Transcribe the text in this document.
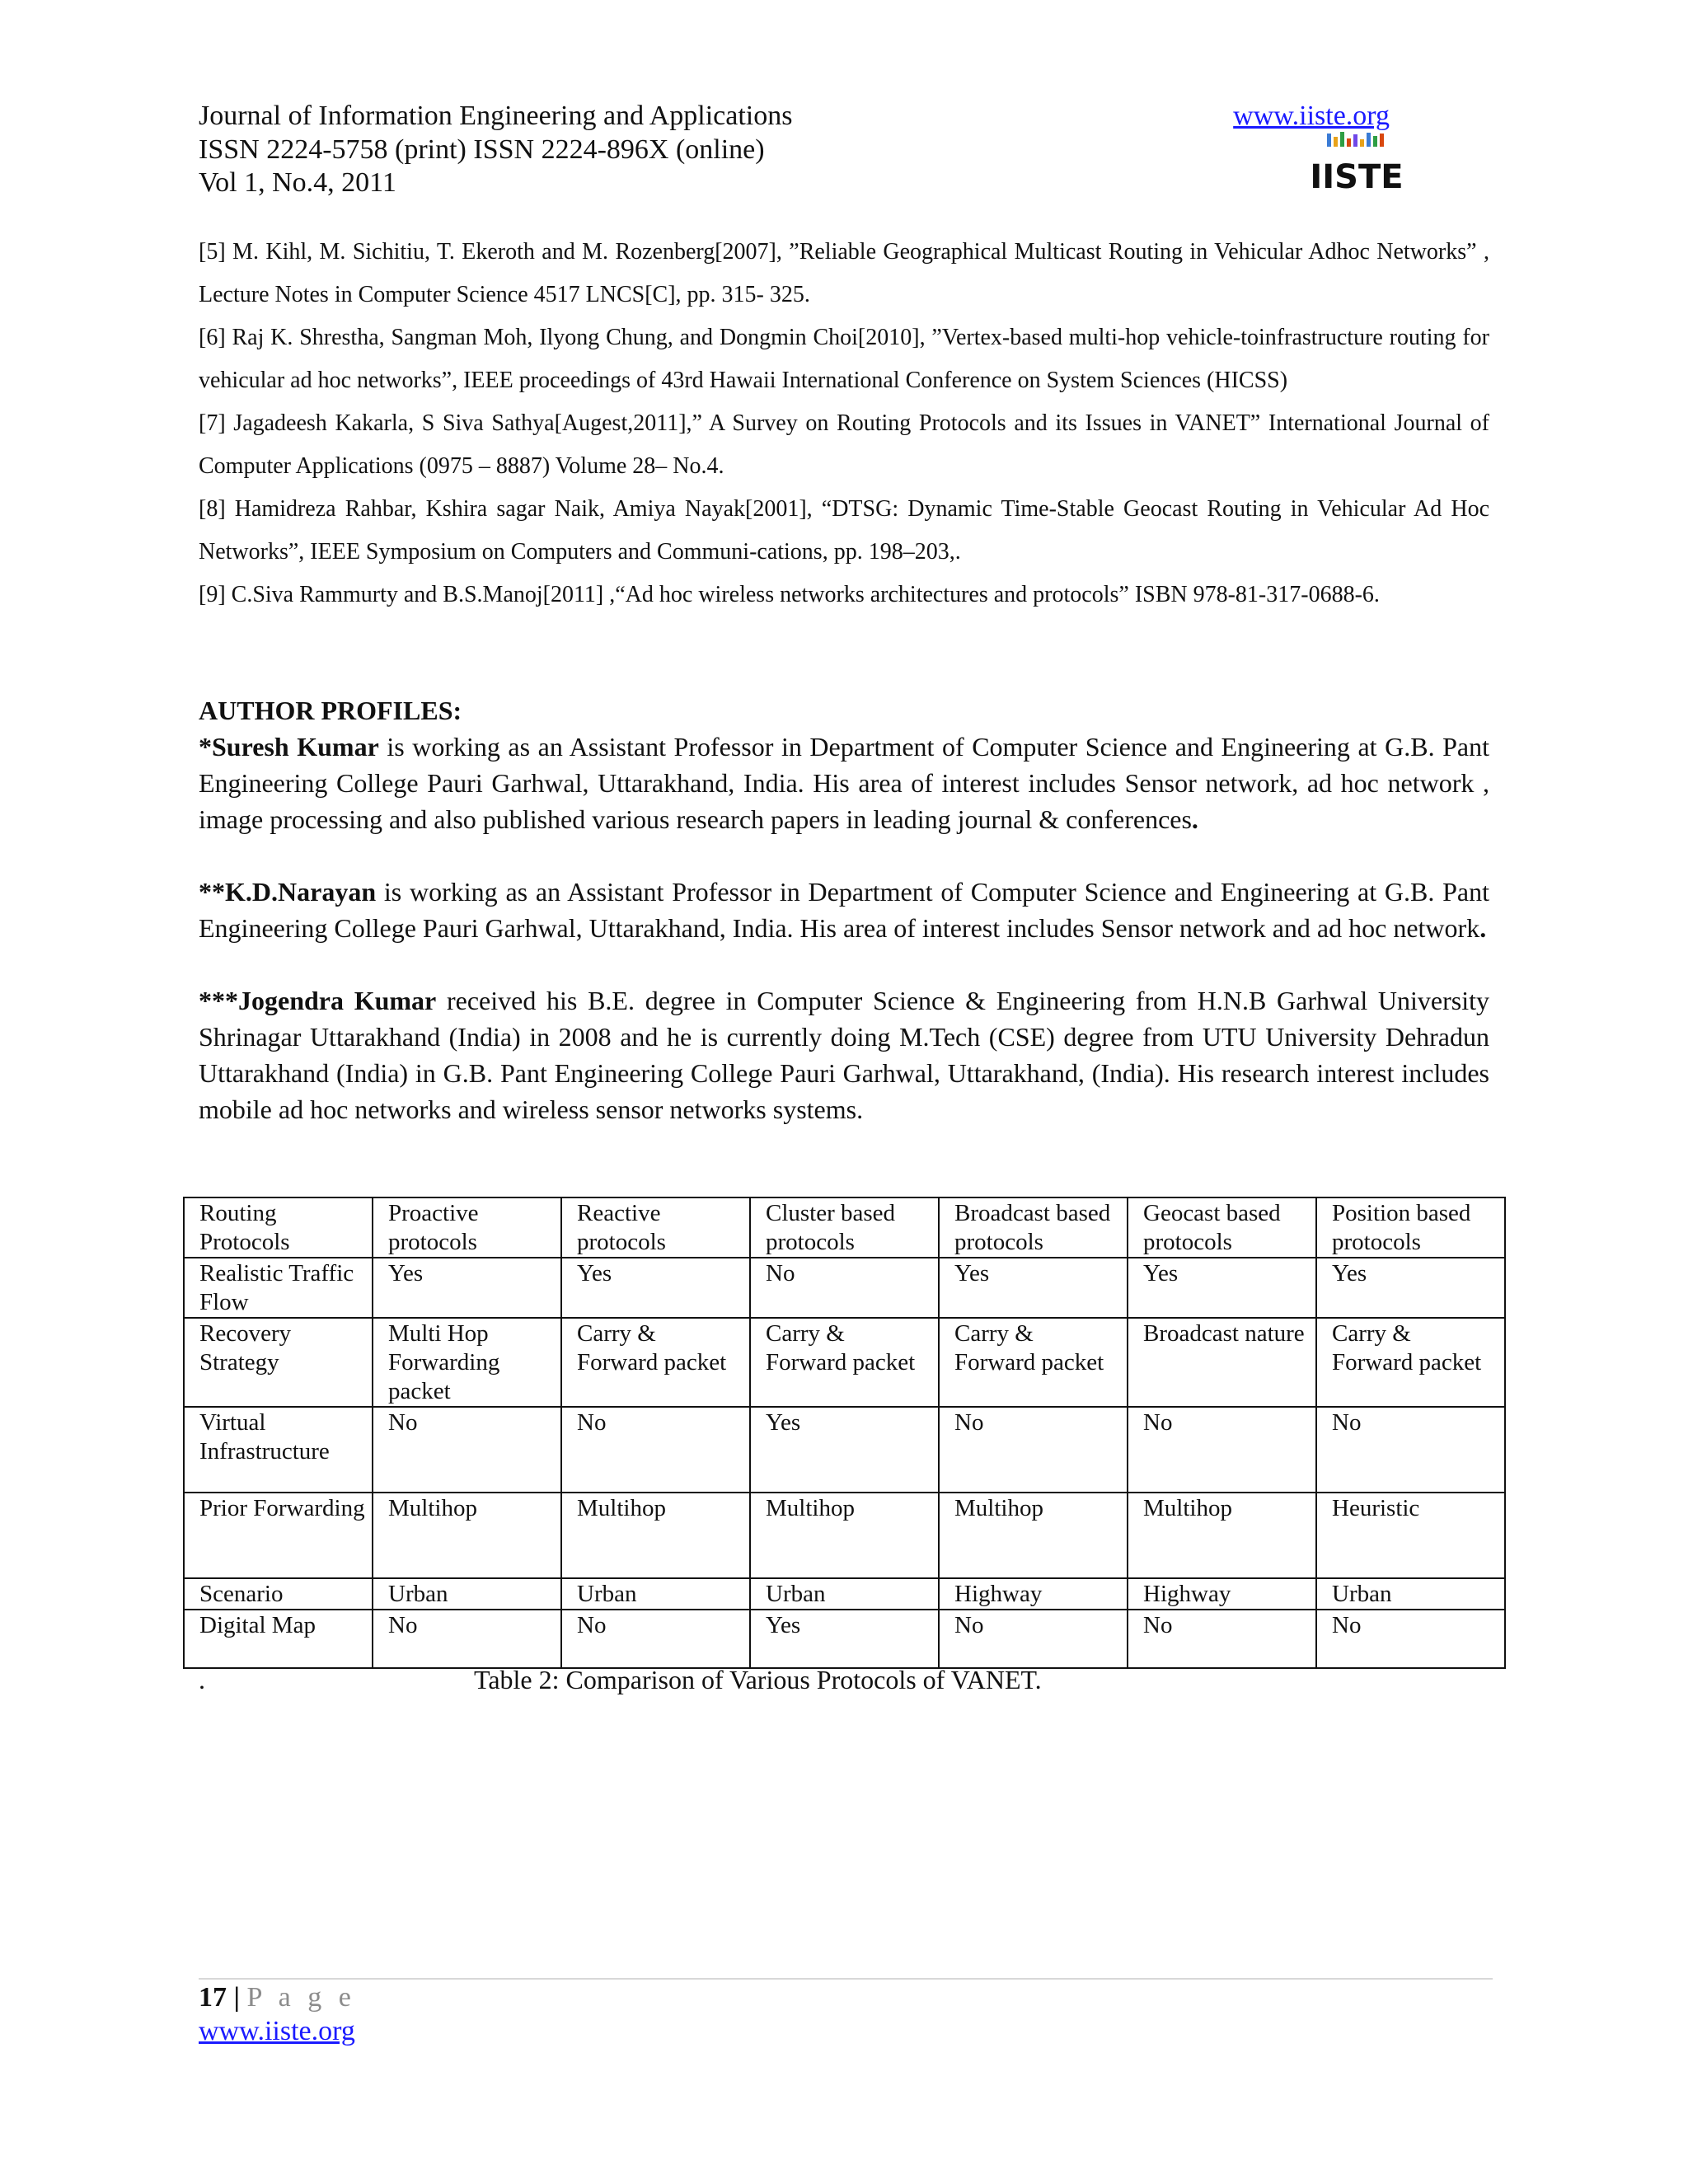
Journal of Information Engineering and Applications
ISSN 2224-5758 (print) ISSN 2224-896X (online)
Vol 1, No.4, 2011
www.iiste.org
IISTE

[5] M. Kihl, M. Sichitiu, T. Ekeroth and M. Rozenberg[2007], ”Reliable Geographical Multicast Routing in Vehicular Adhoc Networks” , Lecture Notes in Computer Science 4517 LNCS[C], pp. 315- 325.

[6] Raj K. Shrestha, Sangman Moh, Ilyong Chung, and Dongmin Choi[2010], ”Vertex-based multi-hop vehicle-toinfrastructure routing for vehicular ad hoc networks”, IEEE proceedings of 43rd Hawaii International Conference on System Sciences (HICSS)

[7] Jagadeesh Kakarla, S Siva Sathya[Augest,2011],” A Survey on Routing Protocols and its Issues in VANET” International Journal of Computer Applications (0975 – 8887) Volume 28– No.4.

[8] Hamidreza Rahbar, Kshira sagar Naik, Amiya Nayak[2001], “DTSG: Dynamic Time-Stable Geocast Routing in Vehicular Ad Hoc Networks”, IEEE Symposium on Computers and Communi-cations, pp. 198–203,.

[9] C.Siva Rammurty and B.S.Manoj[2011] ,“Ad hoc wireless networks architectures and protocols” ISBN 978-81-317-0688-6.

AUTHOR PROFILES:

*Suresh Kumar is working as an Assistant Professor in Department of Computer Science and Engineering at G.B. Pant Engineering College Pauri Garhwal, Uttarakhand, India. His area of interest includes Sensor network, ad hoc network , image processing and also published various research papers in leading journal & conferences.

**K.D.Narayan is working as an Assistant Professor in Department of Computer Science and Engineering at G.B. Pant Engineering College Pauri Garhwal, Uttarakhand, India. His area of interest includes Sensor network and ad hoc network.

***Jogendra Kumar received his B.E. degree in Computer Science & Engineering from H.N.B Garhwal University Shrinagar Uttarakhand (India) in 2008 and he is currently doing M.Tech (CSE) degree from UTU University Dehradun Uttarakhand (India) in G.B. Pant Engineering College Pauri Garhwal, Uttarakhand, (India). His research interest includes mobile ad hoc networks and wireless sensor networks systems.

Routing Protocols	Proactive protocols	Reactive protocols	Cluster based protocols	Broadcast based protocols	Geocast based protocols	Position based protocols
Realistic Traffic Flow	Yes	Yes	No	Yes	Yes	Yes
Recovery Strategy	Multi Hop Forwarding packet	Carry & Forward packet	Carry & Forward packet	Carry & Forward packet	Broadcast nature	Carry & Forward packet
Virtual Infrastructure	No	No	Yes	No	No	No
Prior Forwarding	Multihop	Multihop	Multihop	Multihop	Multihop	Heuristic
Scenario	Urban	Urban	Urban	Highway	Highway	Urban
Digital Map	No	No	Yes	No	No	No
.	Table 2: Comparison of Various Protocols of VANET.
17 | P a g e
www.iiste.org
